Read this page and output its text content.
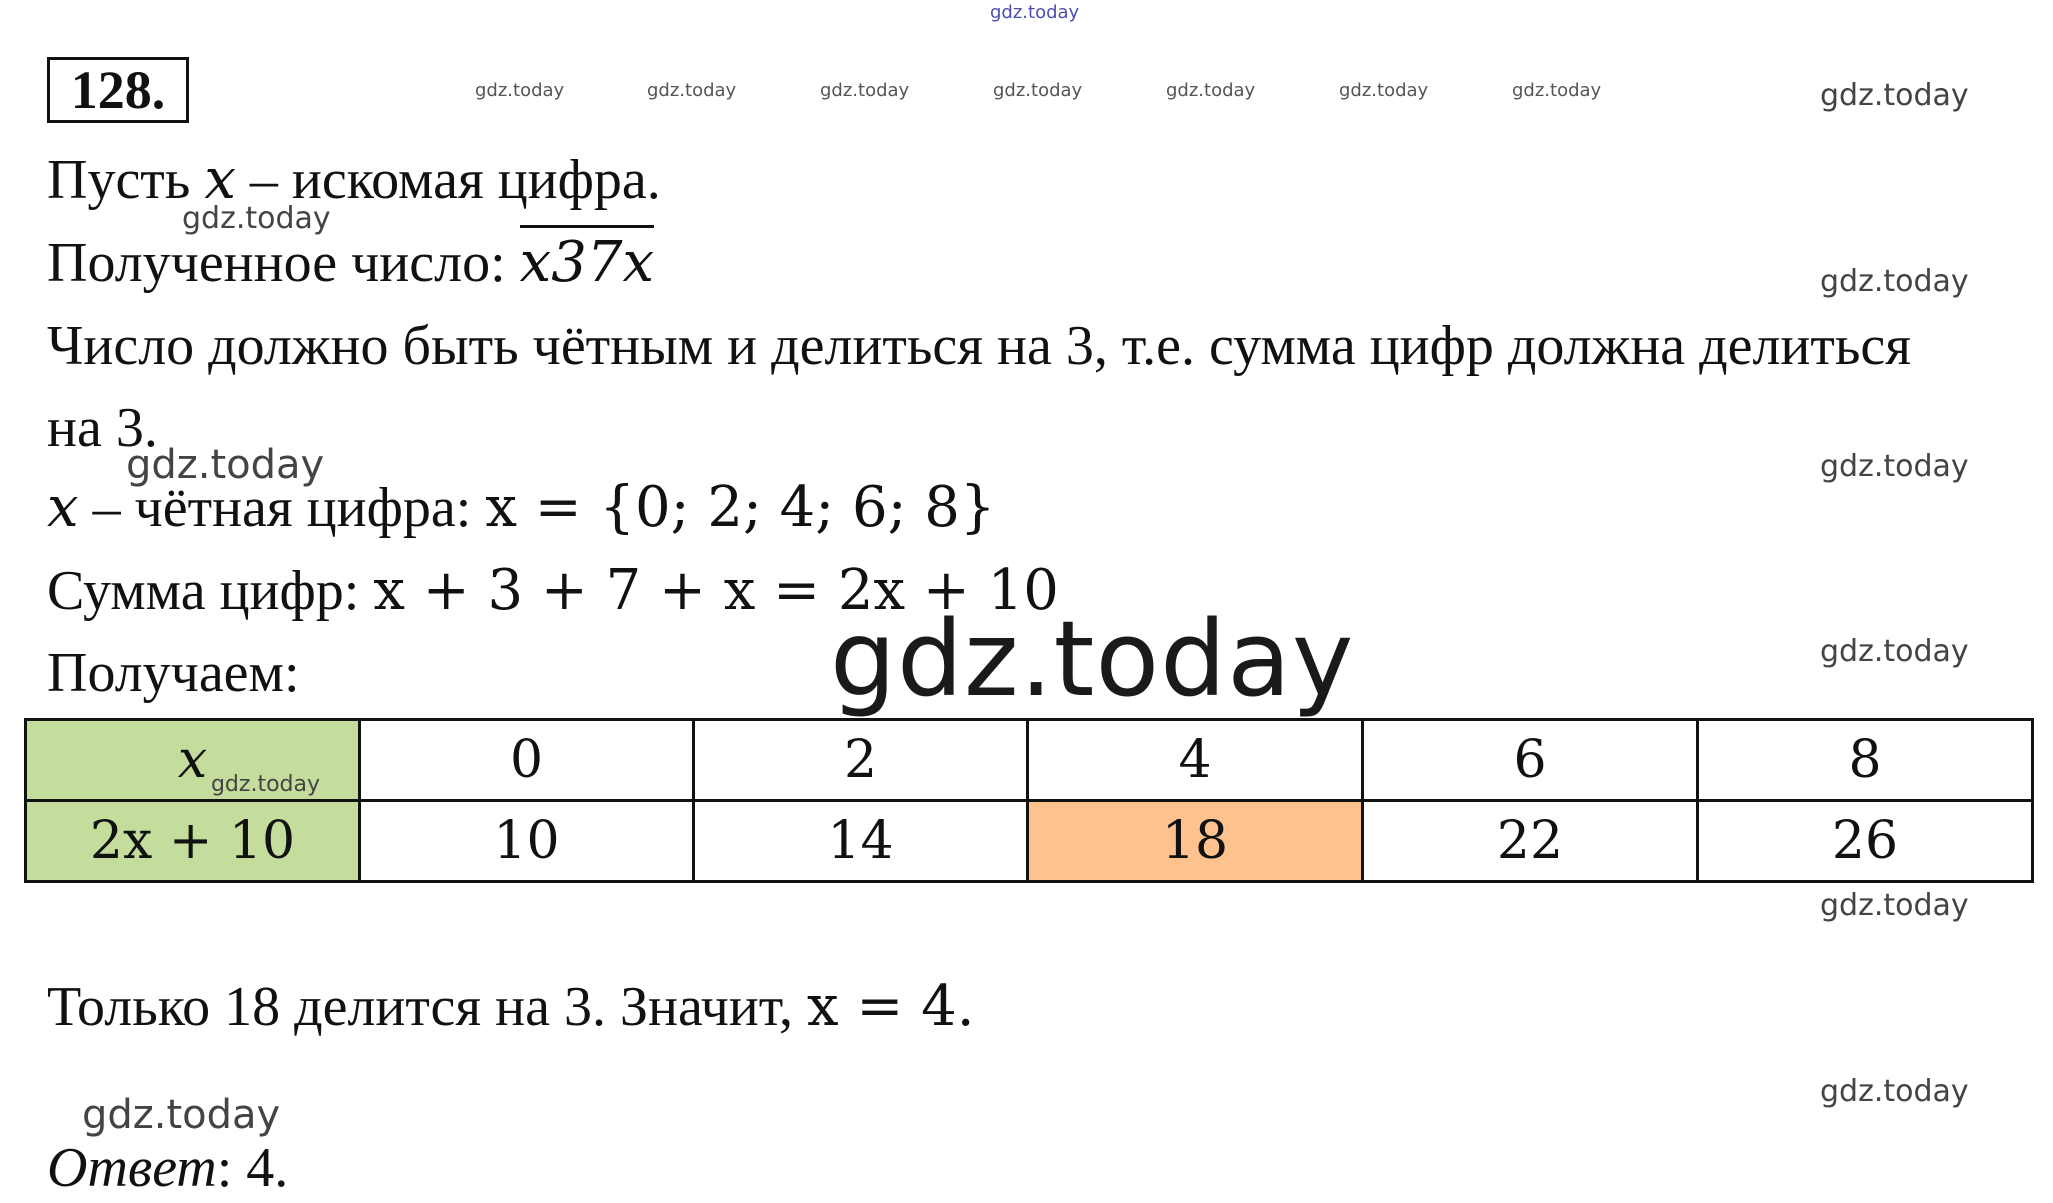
gdz.today
128.	gdz.today	gdz.today	gdz.today	gdz.today	gdz.today	gdz.today	gdz.today	gdz.today
gdz.today
gdz.today
gdz.today
gdz.today
gdz.today
Пусть x – искомая цифра.
gdz.today
Полученное число: x37x
Число должно быть чётным и делиться на 3, т.е. сумма цифр должна делиться
на 3.
gdz.today
x – чётная цифра: x = {0; 2; 4; 6; 8}
Сумма цифр: x + 3 + 7 + x = 2x + 10
Получаем:	gdz.today
x gdz.today	0	2	4	6	8
2x + 10	10	14	18	22	26
Только 18 делится на 3. Значит, x = 4.
gdz.today
Ответ: 4.
